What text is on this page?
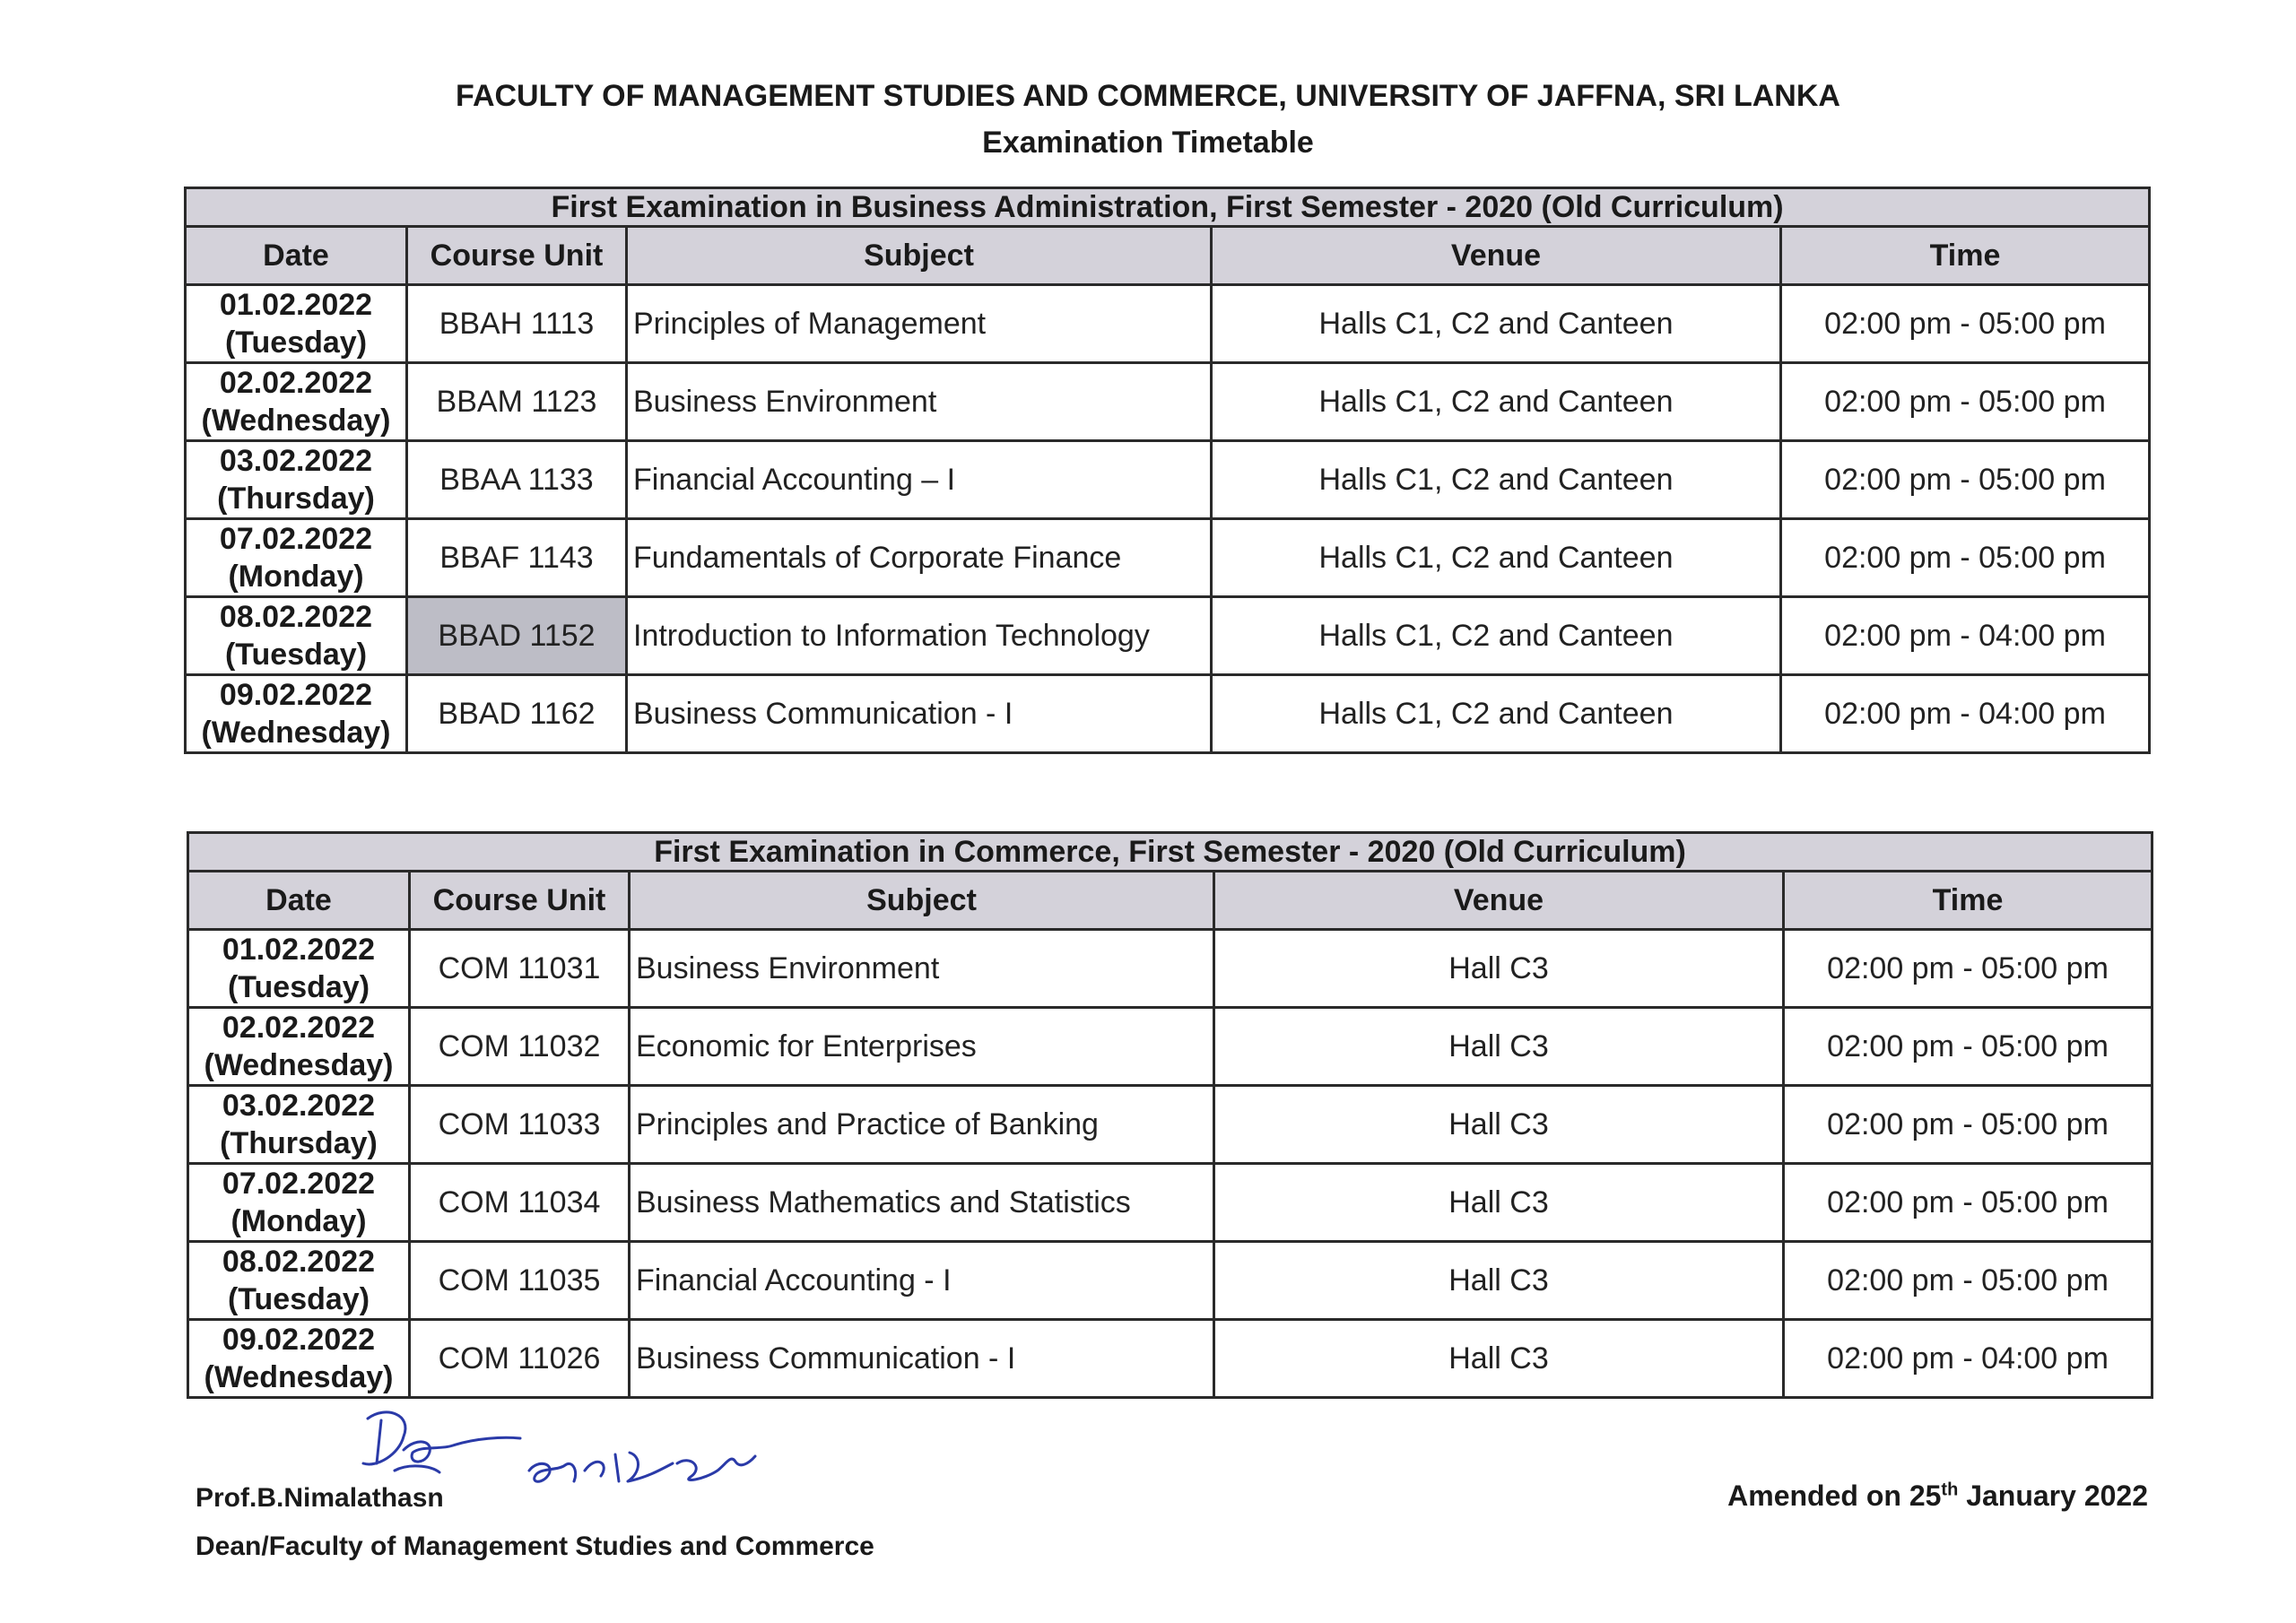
FACULTY OF MANAGEMENT STUDIES AND COMMERCE, UNIVERSITY OF JAFFNA, SRI LANKA
Examination Timetable
First Examination in Business Administration, First Semester - 2020 (Old Curriculum)				
Date	Course Unit	Subject	Venue	Time

01.02.2022
(Tuesday)	BBAH 1113	Principles of Management	Halls C1, C2 and Canteen	02:00 pm - 05:00 pm

02.02.2022
(Wednesday)	BBAM 1123	Business Environment	Halls C1, C2 and Canteen	02:00 pm - 05:00 pm

03.02.2022
(Thursday)	BBAA 1133	Financial Accounting – I	Halls C1, C2 and Canteen	02:00 pm - 05:00 pm

07.02.2022
(Monday)	BBAF 1143	Fundamentals of Corporate Finance	Halls C1, C2 and Canteen	02:00 pm - 05:00 pm

08.02.2022
(Tuesday)	BBAD 1152	Introduction to Information Technology	Halls C1, C2 and Canteen	02:00 pm - 04:00 pm

09.02.2022
(Wednesday)	BBAD 1162	Business Communication - I	Halls C1, C2 and Canteen	02:00 pm - 04:00 pm
First Examination in Commerce, First Semester - 2020 (Old Curriculum)				
Date	Course Unit	Subject	Venue	Time

01.02.2022
(Tuesday)	COM 11031	Business Environment	Hall C3	02:00 pm - 05:00 pm

02.02.2022
(Wednesday)	COM 11032	Economic for Enterprises	Hall C3	02:00 pm - 05:00 pm

03.02.2022
(Thursday)	COM 11033	Principles and Practice of Banking	Hall C3	02:00 pm - 05:00 pm

07.02.2022
(Monday)	COM 11034	Business Mathematics and Statistics	Hall C3	02:00 pm - 05:00 pm

08.02.2022
(Tuesday)	COM 11035	Financial Accounting - I	Hall C3	02:00 pm - 05:00 pm

09.02.2022
(Wednesday)	COM 11026	Business Communication - I	Hall C3	02:00 pm - 04:00 pm
Prof.B.Nimalathasn
Dean/Faculty of Management Studies and Commerce
Amended on 25th January 2022
